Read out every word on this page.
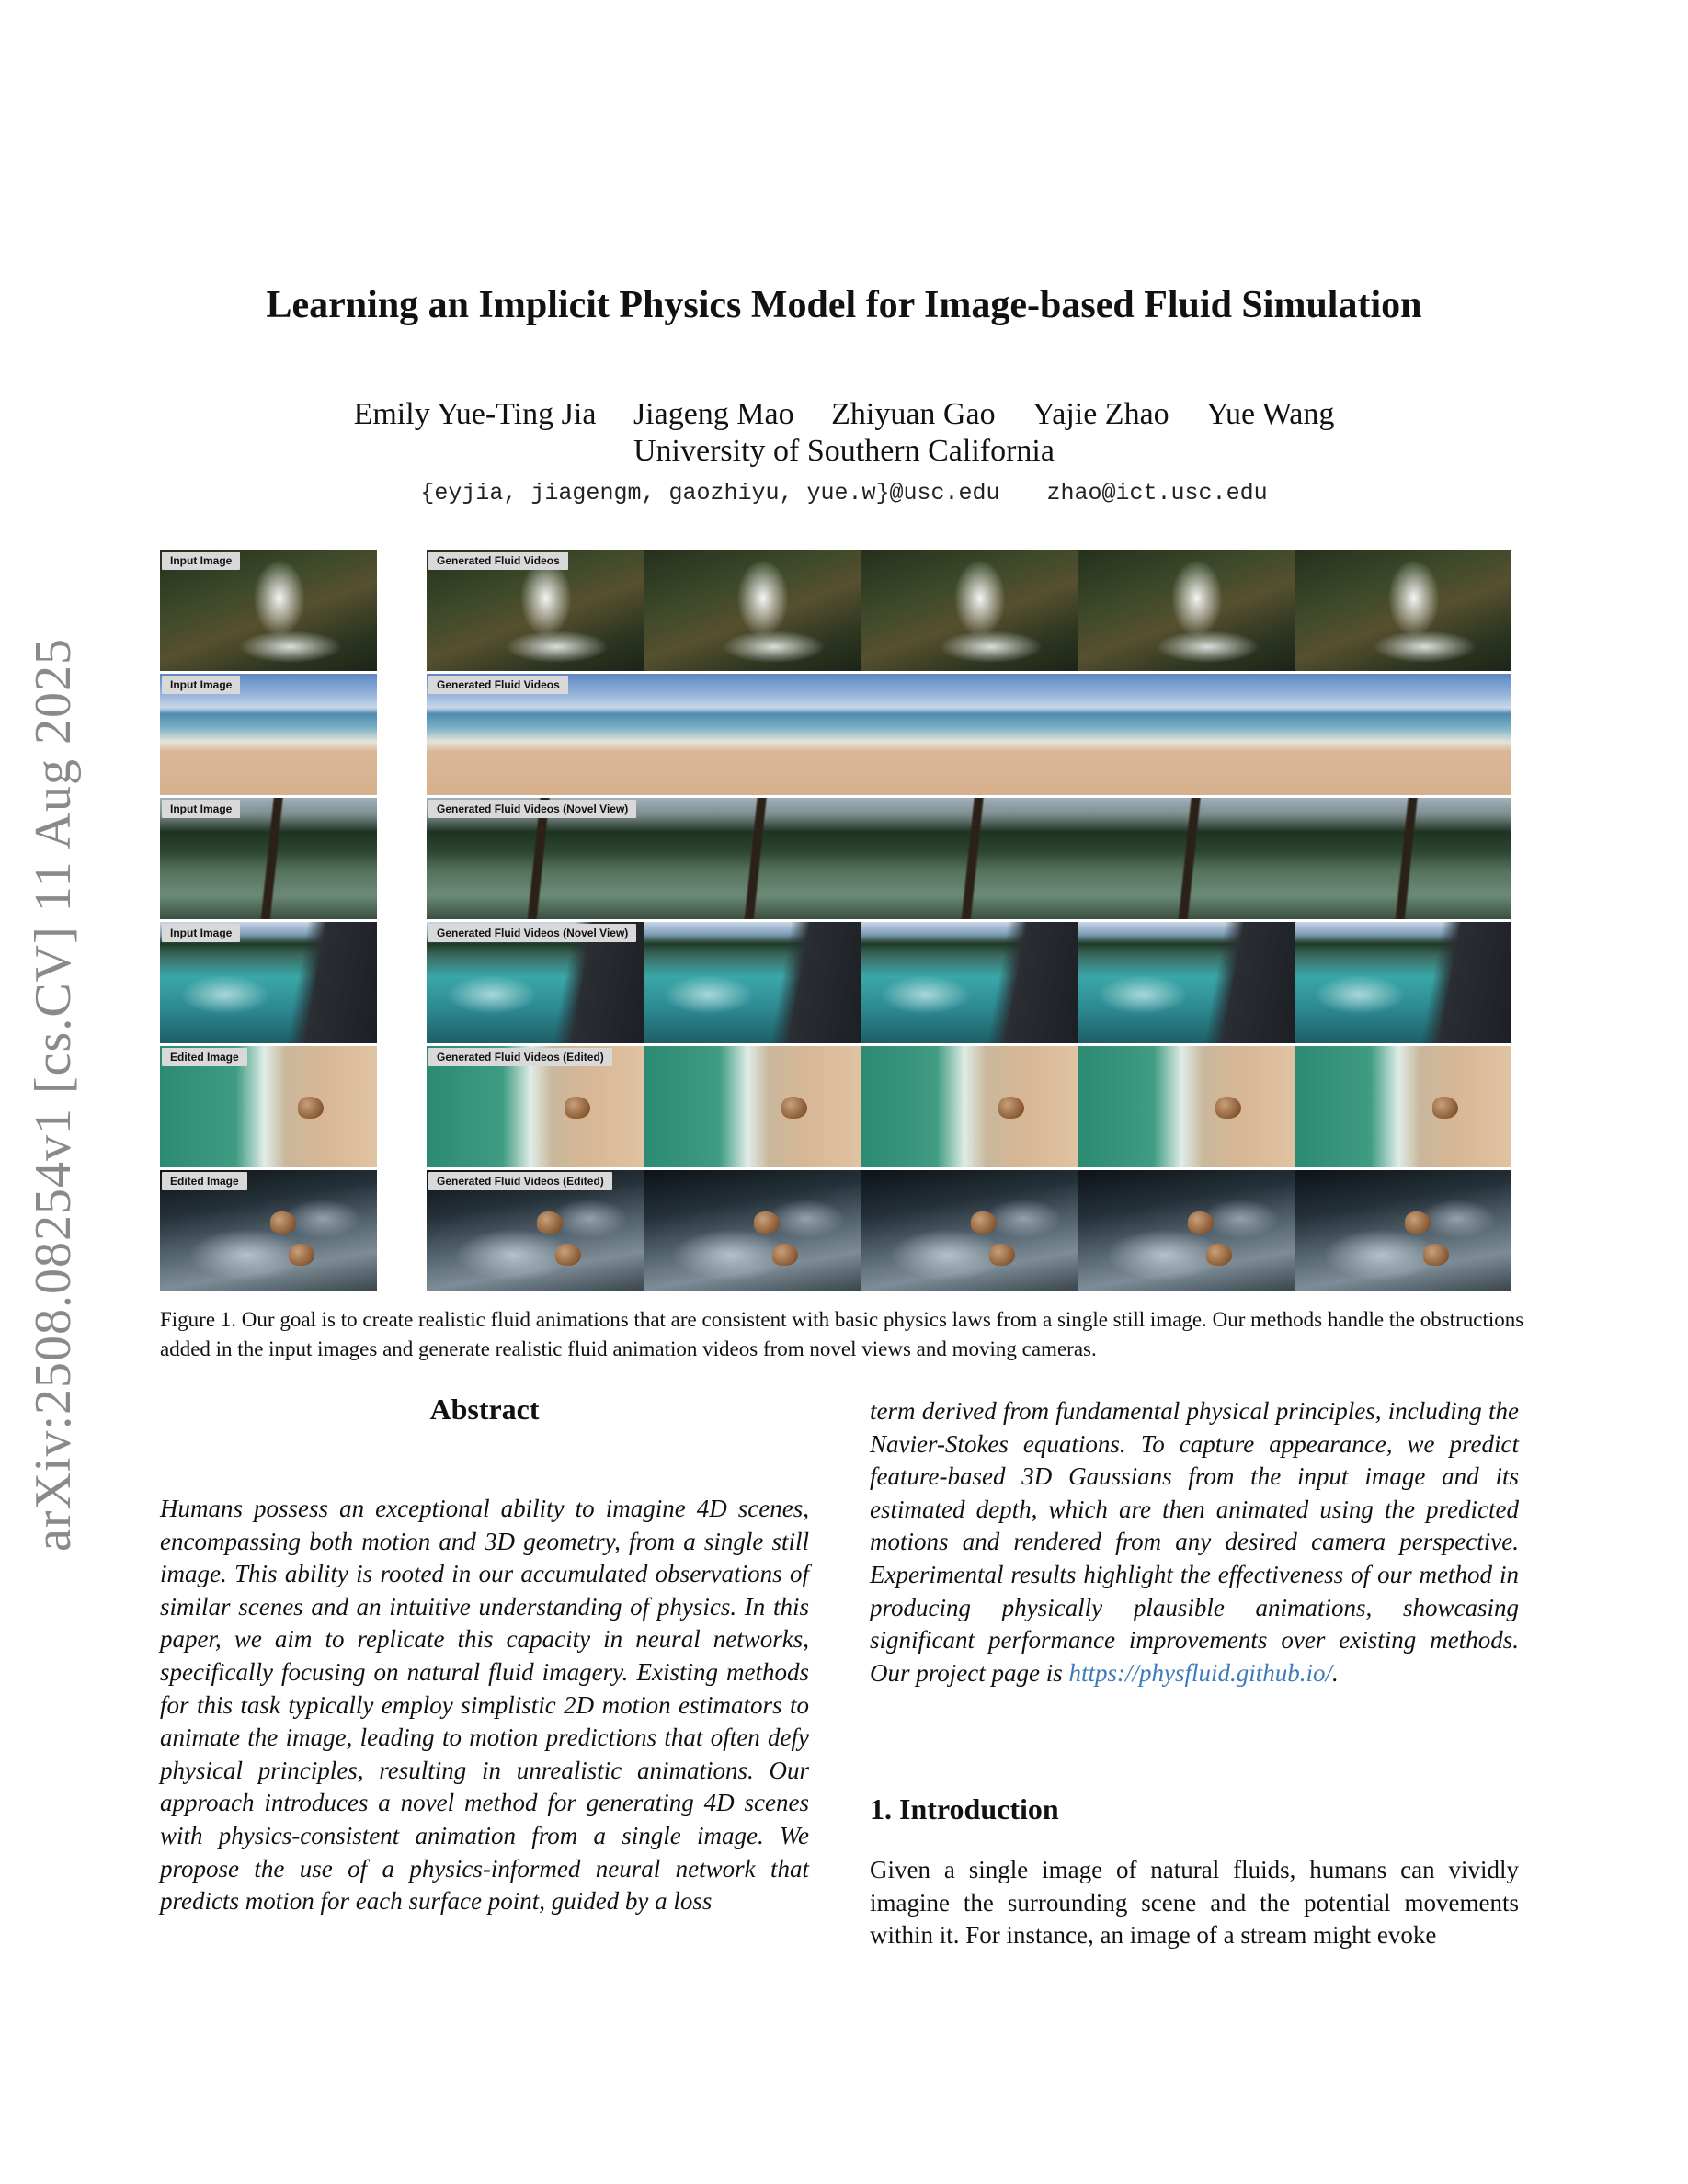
arXiv:2508.08254v1 [cs.CV] 11 Aug 2025
Learning an Implicit Physics Model for Image-based Fluid Simulation
Emily Yue-Ting Jia Jiageng Mao Zhiyuan Gao Yajie Zhao Yue Wang
University of Southern California
{eyjia, jiagengm, gaozhiyu, yue.w}@usc.edu zhao@ict.usc.edu
Input Image	Generated Fluid Videos
Input Image	Generated Fluid Videos
Input Image	Generated Fluid Videos (Novel View)
Input Image	Generated Fluid Videos (Novel View)
Edited Image	Generated Fluid Videos (Edited)
Edited Image	Generated Fluid Videos (Edited)
Figure 1. Our goal is to create realistic fluid animations that are consistent with basic physics laws from a single still image. Our methods handle the obstructions added in the input images and generate realistic fluid animation videos from novel views and moving cameras.
Abstract
Humans possess an exceptional ability to imagine 4D scenes, encompassing both motion and 3D geometry, from a single still image. This ability is rooted in our accumulated observations of similar scenes and an intuitive understanding of physics. In this paper, we aim to replicate this capacity in neural networks, specifically focusing on natural fluid imagery. Existing methods for this task typically employ simplistic 2D motion estimators to animate the image, leading to motion predictions that often defy physical principles, resulting in unrealistic animations. Our approach introduces a novel method for generating 4D scenes with physics-consistent animation from a single image. We propose the use of a physics-informed neural network that predicts motion for each surface point, guided by a loss
term derived from fundamental physical principles, including the Navier-Stokes equations. To capture appearance, we predict feature-based 3D Gaussians from the input image and its estimated depth, which are then animated using the predicted motions and rendered from any desired camera perspective. Experimental results highlight the effectiveness of our method in producing physically plausible animations, showcasing significant performance improvements over existing methods. Our project page is https://physfluid.github.io/.
1. Introduction
Given a single image of natural fluids, humans can vividly imagine the surrounding scene and the potential movements within it. For instance, an image of a stream might evoke
